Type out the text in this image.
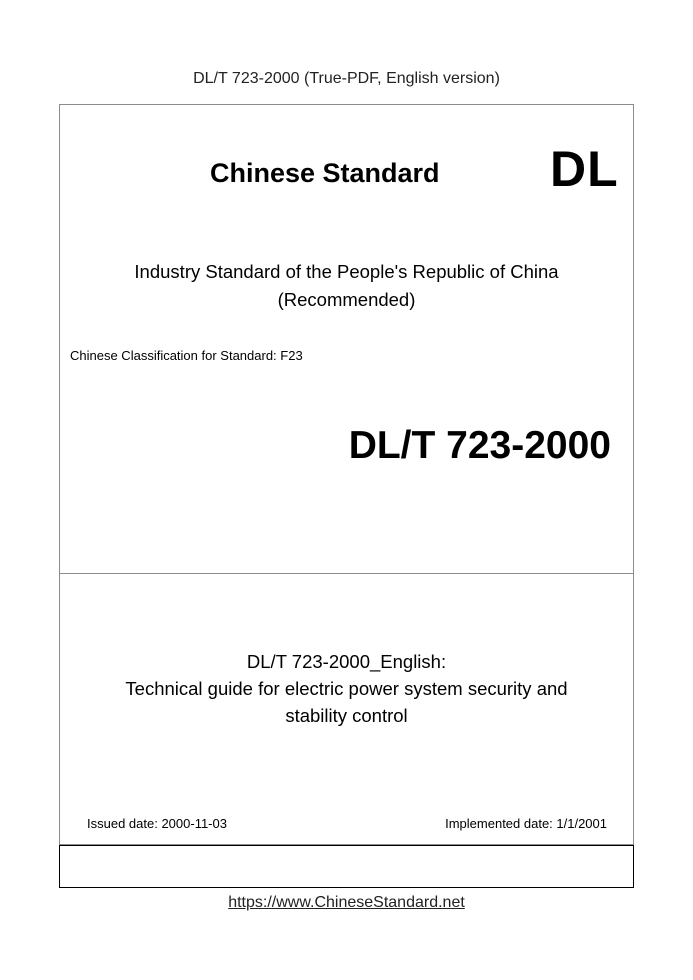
DL/T 723-2000 (True-PDF, English version)
Chinese Standard DL
Industry Standard of the People's Republic of China
(Recommended)
Chinese Classification for Standard: F23
DL/T 723-2000
DL/T 723-2000_English:
Technical guide for electric power system security and
stability control
Issued date: 2000-11-03	Implemented date: 1/1/2001
https://www.ChineseStandard.net
